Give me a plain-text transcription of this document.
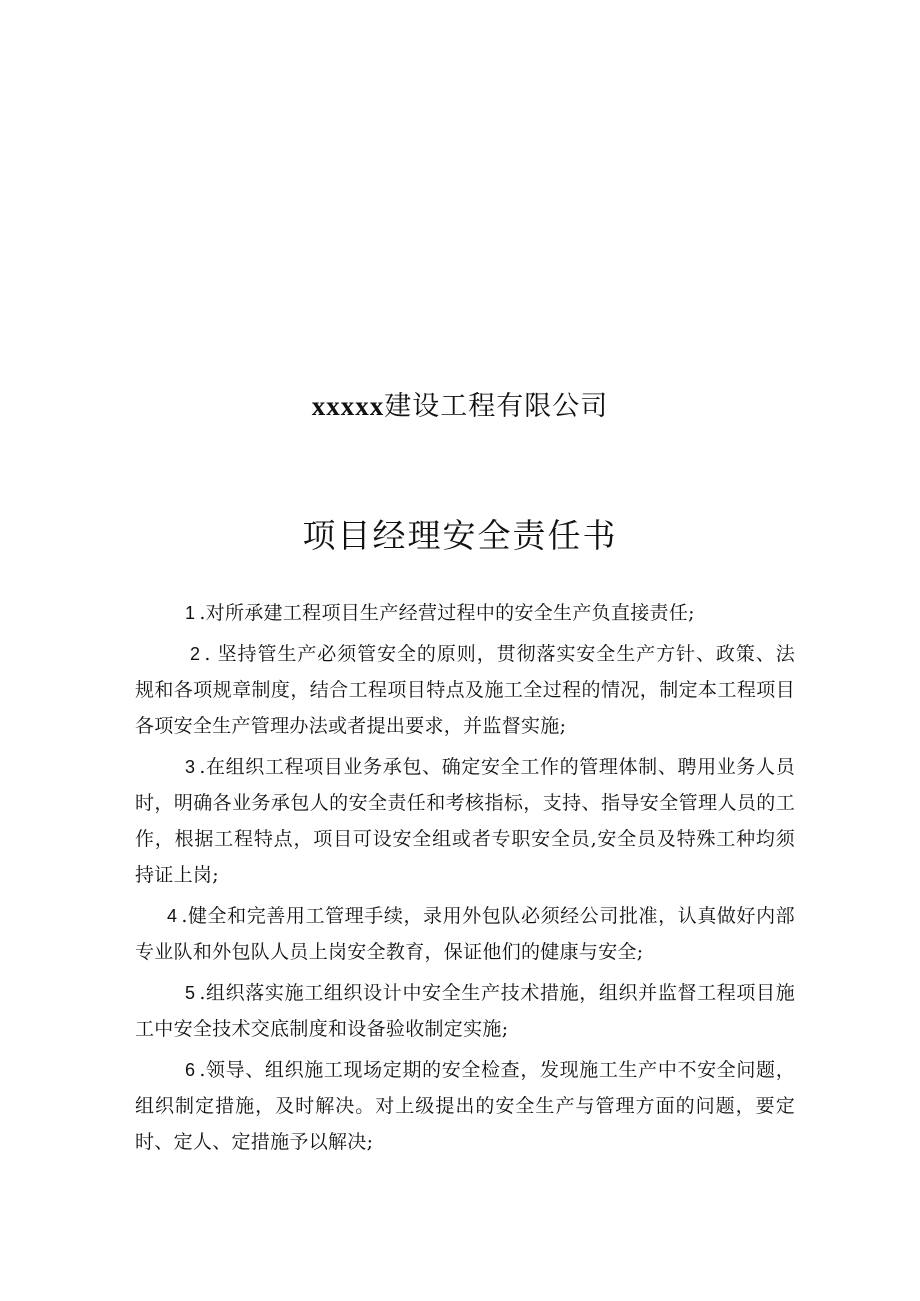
xxxxx建设工程有限公司
项目经理安全责任书

1 .对所承建工程项目生产经营过程中的安全生产负直接责任;

2 . 坚持管生产必须管安全的原则，贯彻落实安全生产方针、政策、法规和各项规章制度，结合工程项目特点及施工全过程的情况，制定本工程项目各项安全生产管理办法或者提出要求，并监督实施;

3 .在组织工程项目业务承包、确定安全工作的管理体制、聘用业务人员时，明确各业务承包人的安全责任和考核指标，支持、指导安全管理人员的工作，根据工程特点，项目可设安全组或者专职安全员,安全员及特殊工种均须持证上岗;

4 .健全和完善用工管理手续，录用外包队必须经公司批准，认真做好内部专业队和外包队人员上岗安全教育，保证他们的健康与安全;

5 .组织落实施工组织设计中安全生产技术措施，组织并监督工程项目施工中安全技术交底制度和设备验收制定实施;

6 .领导、组织施工现场定期的安全检查，发现施工生产中不安全问题，组织制定措施，及时解决。对上级提出的安全生产与管理方面的问题，要定时、定人、定措施予以解决;
